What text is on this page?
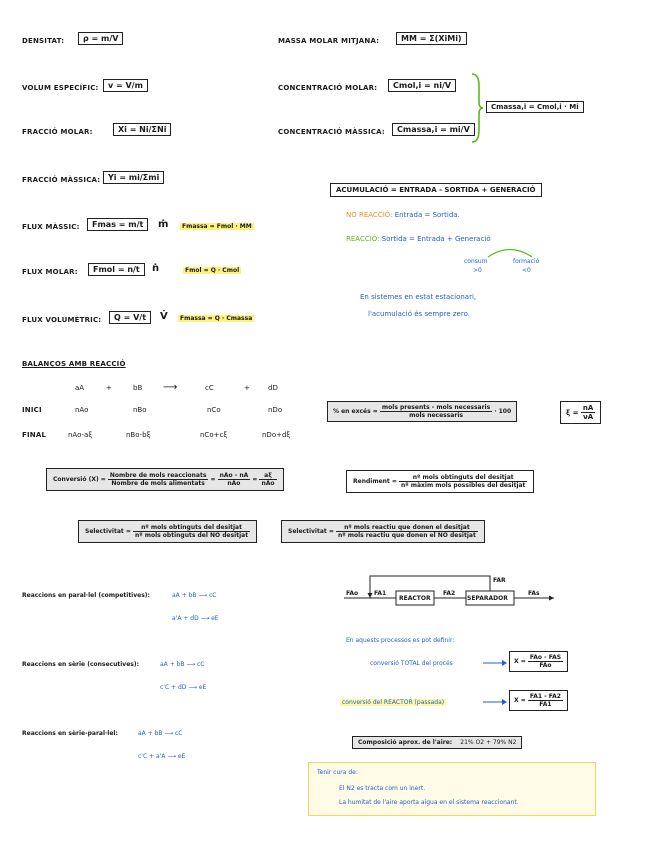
DENSITAT:	ρ = m/V
VOLUM ESPECÍFIC:	v = V/m
FRACCIÓ MOLAR:	Xi = Ni/ΣNi
FRACCIÓ MÀSSICA: Yi = mi/Σmi
MASSA MOLAR MITJANA:	MM = Σ(XiMi)
CONCENTRACIÓ MOLAR:	Cmol,i = ni/V
CONCENTRACIÓ MÀSSICA:	Cmassa,i = mi/V
Cmassa,i = Cmol,i · Mi
FLUX MÀSSIC:	Fmas = m/t	ṁ	Fmassa = Fmol · MM
FLUX MOLAR:	Fmol = n/t	ṅ	Fmol = Q · Cmol
FLUX VOLUMÈTRIC:	Q = V/t	V̇	Fmassa = Q · Cmassa
ACUMULACIÓ = ENTRADA - SORTIDA + GENERACIÓ
NO REACCIÓ: Entrada = Sortida.
REACCIÓ: Sortida = Entrada + Generació
consum
>0
formació
<0
En sistemes en estat estacionari,
l'acumulació és sempre zero.
BALANÇOS AMB REACCIÓ
aA	+	bB ⟶	cC	+	dD
INICI	nAo	nBo	nCo	nDo
FINAL	nAo-aξ	nBo-bξ	nCo+cξ	nDo+dξ
% en excés = $\frac{\text{mols presents - mols necessaris}}{\text{mols necessaris}} \cdot 100$	$\xi = \frac{nA}{\nu A}$
Conversió $(X) = \frac{\text{Nombre de mols reaccionats}}{\text{Nombre de mols alimentats}} = \frac{\text{nAo - nA}}{\text{nAo}} = \frac{a\xi}{\text{nAo}}$	Rendiment = $\frac{\text{nº mols obtinguts del desitjat}}{\text{nº màxim mols possibles del desitjat}}$
Selectivitat = $\frac{\text{nº mols obtinguts del desitjat}}{\text{nº mols obtinguts del NO desitjat}}$	Selectivitat = $\frac{\text{nº mols reactiu que donen el desitjat}}{\text{nº mols reactiu que donen el NO desitjat}}$
Reaccions en paral·lel (competitives):	aA + bB ⟶ cC
a'A + dD ⟶ eE
Reaccions en sèrie (consecutives):	aA + bB ⟶ cC
c'C + dD ⟶ eE
Reaccions en sèrie-paral·lel:	aA + bB ⟶ cC
c'C + a'A ⟶ eE
FAo	FA1
REACTOR
FA2
SEPARADOR
FAR
FAs
En aquests processos es pot definir:
conversió TOTAL del procés	$X = \frac{\text{FAo - FAS}}{\text{FAo}}$
conversió del REACTOR (passada)	$X = \frac{FA1 - FA2}{FA1}$
Composició aprox. de l'aire: 21% O2 + 79% N2
Tenir cura de:
El N2 es tracta com un inert.
La humitat de l'aire aporta aigua en el sistema reaccionant.
